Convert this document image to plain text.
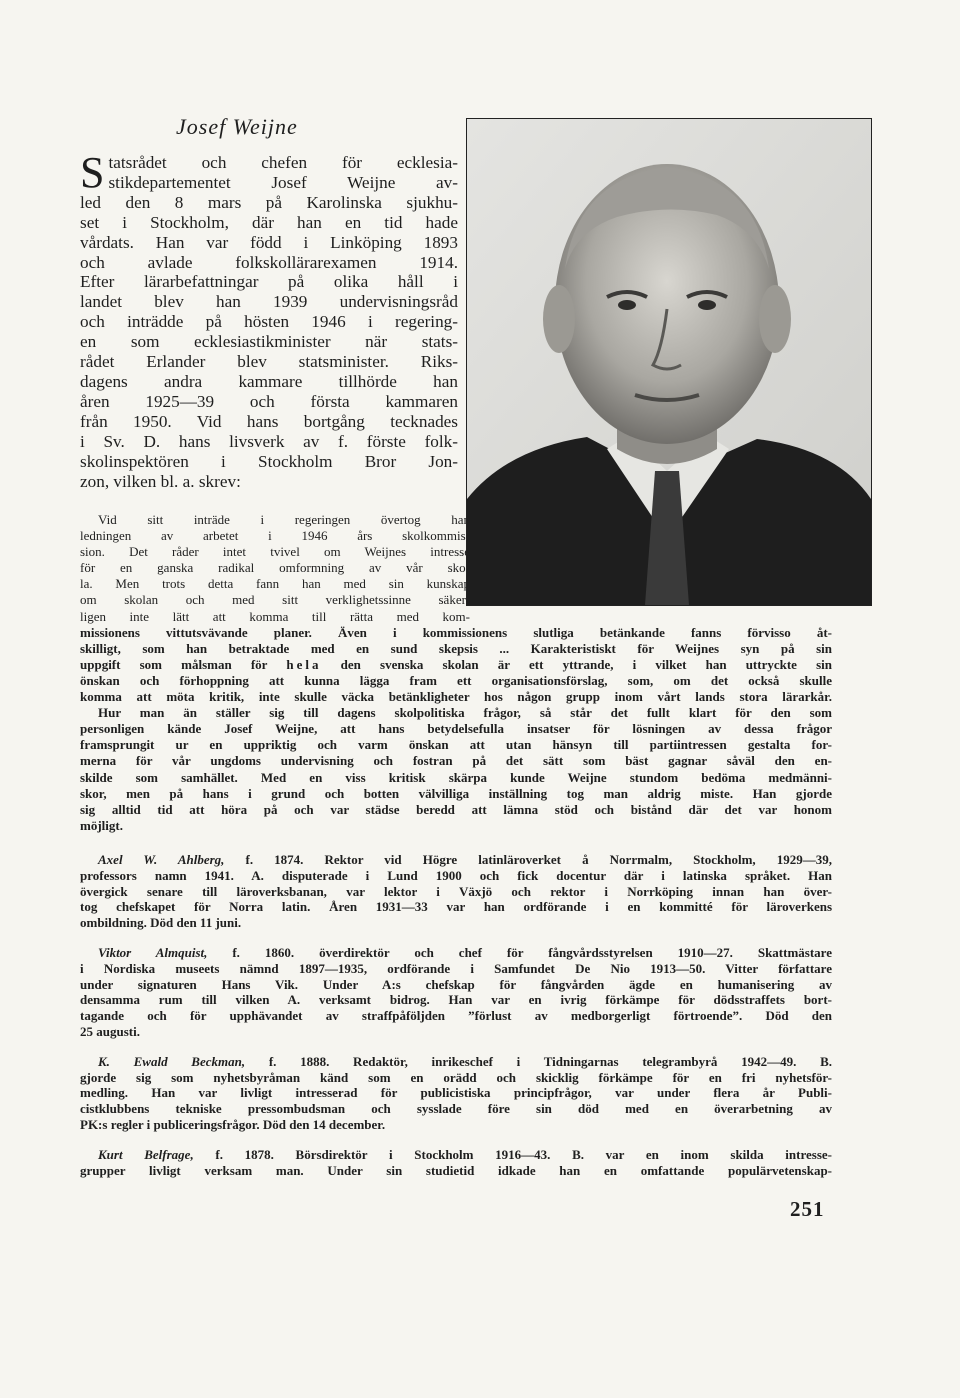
Josef Weijne
S tatsrådet och chefen för ecklesia-
stikdepartementet Josef Weijne av-
led den 8 mars på Karolinska sjukhu-
set i Stockholm, där han en tid hade
vårdats. Han var född i Linköping 1893
och avlade folkskollärarexamen 1914.
Efter lärarbefattningar på olika håll i
landet blev han 1939 undervisningsråd
och inträdde på hösten 1946 i regering-
en som ecklesiastikminister när stats-
rådet Erlander blev statsminister. Riks-
dagens andra kammare tillhörde han
åren 1925—39 och första kammaren
från 1950. Vid hans bortgång tecknades
i Sv. D. hans livsverk av f. förste folk-
skolinspektören i Stockholm Bror Jon-
zon, vilken bl. a. skrev:
Vid sitt inträde i regeringen övertog han
ledningen av arbetet i 1946 års skolkommis-
sion. Det råder intet tvivel om Weijnes intresse
för en ganska radikal omformning av vår sko-
la. Men trots detta fann han med sin kunskap
om skolan och med sitt verklighetssinne säker-
ligen inte lätt att komma till rätta med kom-
missionens vittutsvävande planer. Även i kommissionens slutliga betänkande fanns förvisso åt-
skilligt, som han betraktade med en sund skepsis ... Karakteristiskt för Weijnes syn på sin
uppgift som målsman för hela den svenska skolan är ett yttrande, i vilket han uttryckte sin
önskan och förhoppning att kunna lägga fram ett organisationsförslag, som, om det också skulle
komma att möta kritik, inte skulle väcka betänkligheter hos någon grupp inom vårt lands stora lärarkår.
Hur man än ställer sig till dagens skolpolitiska frågor, så står det fullt klart för den som
personligen kände Josef Weijne, att hans betydelsefulla insatser för lösningen av dessa frågor
framsprungit ur en uppriktig och varm önskan att utan hänsyn till partiintressen gestalta for-
merna för vår ungdoms undervisning och fostran på det sätt som bäst gagnar såväl den en-
skilde som samhället. Med en viss kritisk skärpa kunde Weijne stundom bedöma medmänni-
skor, men på hans i grund och botten välvilliga inställning tog man aldrig miste. Han gjorde
sig alltid tid att höra på och var städse beredd att lämna stöd och bistånd där det var honom
möjligt.
Axel W. Ahlberg, f. 1874. Rektor vid Högre latinläroverket å Norrmalm, Stockholm, 1929—39,
professors namn 1941. A. disputerade i Lund 1900 och fick docentur där i latinska språket. Han
övergick senare till läroverksbanan, var lektor i Växjö och rektor i Norrköping innan han över-
tog chefskapet för Norra latin. Åren 1931—33 var han ordförande i en kommitté för läroverkens
ombildning. Död den 11 juni.
Viktor Almquist, f. 1860. överdirektör och chef för fångvårdsstyrelsen 1910—27. Skattmästare
i Nordiska museets nämnd 1897—1935, ordförande i Samfundet De Nio 1913—50. Vitter författare
under signaturen Hans Vik. Under A:s chefskap för fångvården ägde en humanisering av
densamma rum till vilken A. verksamt bidrog. Han var en ivrig förkämpe för dödsstraffets bort-
tagande och för upphävandet av straffpåföljden ”förlust av medborgerligt förtroende”. Död den
25 augusti.
K. Ewald Beckman, f. 1888. Redaktör, inrikeschef i Tidningarnas telegrambyrå 1942—49. B.
gjorde sig som nyhetsbyråman känd som en orädd och skicklig förkämpe för en fri nyhetsför-
medling. Han var livligt intresserad för publicistiska principfrågor, var under flera år Publi-
cistklubbens tekniske pressombudsman och sysslade före sin död med en överarbetning av
PK:s regler i publiceringsfrågor. Död den 14 december.
Kurt Belfrage, f. 1878. Börsdirektör i Stockholm 1916—43. B. var en inom skilda intresse-
grupper livligt verksam man. Under sin studietid idkade han en omfattande populärvetenskap-
251
